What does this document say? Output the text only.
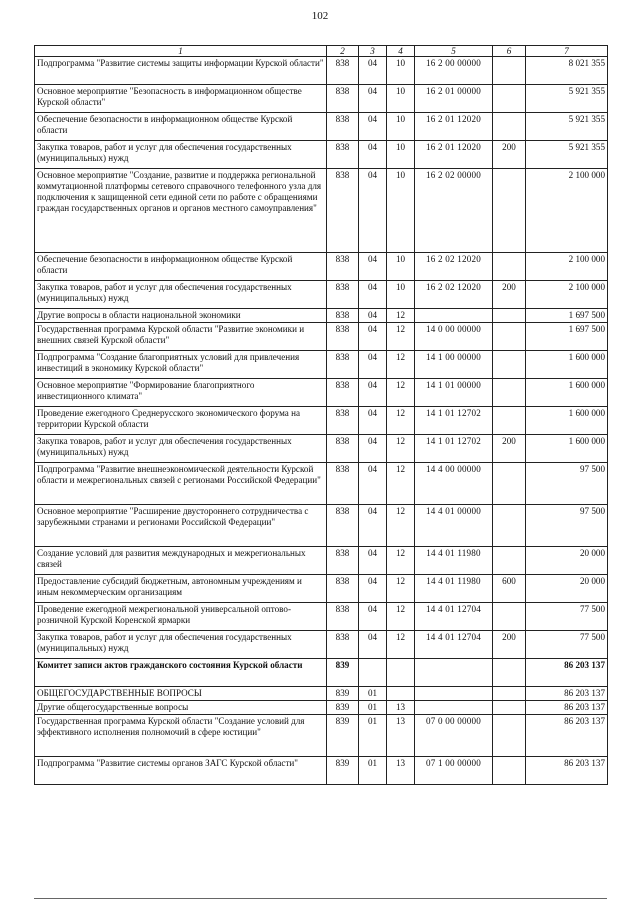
102
1	2	3	4	5	6	7
Подпрограмма "Развитие системы защиты информации Курской области"	838	04	10	16 2 00 00000		8 021 355
Основное мероприятие "Безопасность в информационном обществе Курской области"	838	04	10	16 2 01 00000		5 921 355
Обеспечение безопасности в информационном обществе Курской области	838	04	10	16 2 01 12020		5 921 355
Закупка товаров, работ и услуг для обеспечения государственных (муниципальных) нужд	838	04	10	16 2 01 12020	200	5 921 355
Основное мероприятие "Создание, развитие и поддержка региональной коммутационной платформы сетевого справочного телефонного узла для подключения к защищенной сети единой сети по работе с обращениями граждан государственных органов и органов местного самоуправления"	838	04	10	16 2 02 00000		2 100 000
Обеспечение безопасности в информационном обществе Курской области	838	04	10	16 2 02 12020		2 100 000
Закупка товаров, работ и услуг для обеспечения государственных (муниципальных) нужд	838	04	10	16 2 02 12020	200	2 100 000
Другие вопросы в области национальной экономики	838	04	12			1 697 500
Государственная программа Курской области "Развитие экономики и внешних связей Курской области"	838	04	12	14 0 00 00000		1 697 500
Подпрограмма "Создание благоприятных условий для привлечения инвестиций в экономику Курской области"	838	04	12	14 1 00 00000		1 600 000
Основное мероприятие "Формирование благоприятного инвестиционного климата"	838	04	12	14 1 01 00000		1 600 000
Проведение ежегодного Среднерусского экономического форума на территории Курской области	838	04	12	14 1 01 12702		1 600 000
Закупка товаров, работ и услуг для обеспечения государственных (муниципальных) нужд	838	04	12	14 1 01 12702	200	1 600 000
Подпрограмма "Развитие внешнеэкономической деятельности Курской области и межрегиональных связей с регионами Российской Федерации"	838	04	12	14 4 00 00000		97 500
Основное мероприятие "Расширение двустороннего сотрудничества с зарубежными странами и регионами Российской Федерации"	838	04	12	14 4 01 00000		97 500
Создание условий для развития международных и межрегиональных связей	838	04	12	14 4 01 11980		20 000
Предоставление субсидий бюджетным, автономным учреждениям и иным некоммерческим организациям	838	04	12	14 4 01 11980	600	20 000
Проведение ежегодной межрегиональной универсальной оптово-розничной Курской Коренской ярмарки	838	04	12	14 4 01 12704		77 500
Закупка товаров, работ и услуг для обеспечения государственных (муниципальных) нужд	838	04	12	14 4 01 12704	200	77 500
Комитет записи актов гражданского состояния Курской области	839					86 203 137
ОБЩЕГОСУДАРСТВЕННЫЕ ВОПРОСЫ	839	01				86 203 137
Другие общегосударственные вопросы	839	01	13			86 203 137
Государственная программа Курской области "Создание условий для эффективного исполнения полномочий в сфере юстиции"	839	01	13	07 0 00 00000		86 203 137
Подпрограмма "Развитие системы органов ЗАГС Курской области"	839	01	13	07 1 00 00000		86 203 137
